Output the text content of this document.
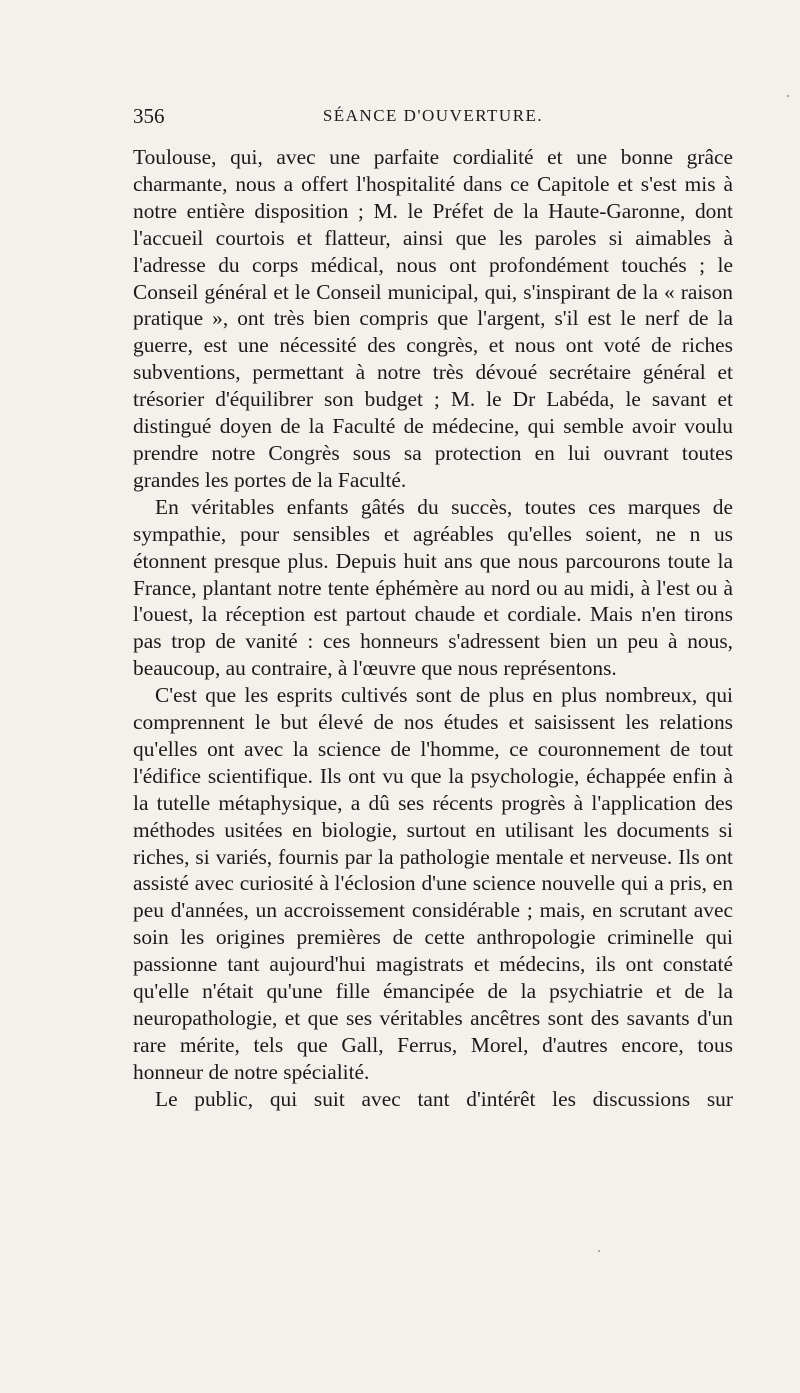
356	SÉANCE D'OUVERTURE.

Toulouse, qui, avec une parfaite cordialité et une bonne grâce charmante, nous a offert l'hospitalité dans ce Capitole et s'est mis à notre entière disposition ; M. le Préfet de la Haute-Garonne, dont l'accueil courtois et flatteur, ainsi que les paroles si aimables à l'adresse du corps médical, nous ont profondément touchés ; le Conseil général et le Conseil municipal, qui, s'inspirant de la « raison pratique », ont très bien compris que l'argent, s'il est le nerf de la guerre, est une nécessité des congrès, et nous ont voté de riches subventions, permettant à notre très dévoué secrétaire général et trésorier d'équilibrer son budget ; M. le Dr Labéda, le savant et distingué doyen de la Faculté de médecine, qui semble avoir voulu prendre notre Congrès sous sa protection en lui ouvrant toutes grandes les portes de la Faculté.

En véritables enfants gâtés du succès, toutes ces marques de sympathie, pour sensibles et agréables qu'elles soient, ne n us étonnent presque plus. Depuis huit ans que nous parcourons toute la France, plantant notre tente éphémère au nord ou au midi, à l'est ou à l'ouest, la réception est partout chaude et cordiale. Mais n'en tirons pas trop de vanité : ces honneurs s'adressent bien un peu à nous, beaucoup, au contraire, à l'œuvre que nous représentons.

C'est que les esprits cultivés sont de plus en plus nombreux, qui comprennent le but élevé de nos études et saisissent les relations qu'elles ont avec la science de l'homme, ce couronnement de tout l'édifice scientifique. Ils ont vu que la psychologie, échappée enfin à la tutelle métaphysique, a dû ses récents progrès à l'application des méthodes usitées en biologie, surtout en utilisant les documents si riches, si variés, fournis par la pathologie mentale et nerveuse. Ils ont assisté avec curiosité à l'éclosion d'une science nouvelle qui a pris, en peu d'années, un accroissement considérable ; mais, en scrutant avec soin les origines premières de cette anthropologie criminelle qui passionne tant aujourd'hui magistrats et médecins, ils ont constaté qu'elle n'était qu'une fille émancipée de la psychiatrie et de la neuropathologie, et que ses véritables ancêtres sont des savants d'un rare mérite, tels que Gall, Ferrus, Morel, d'autres encore, tous honneur de notre spécialité.

Le public, qui suit avec tant d'intérêt les discussions sur
